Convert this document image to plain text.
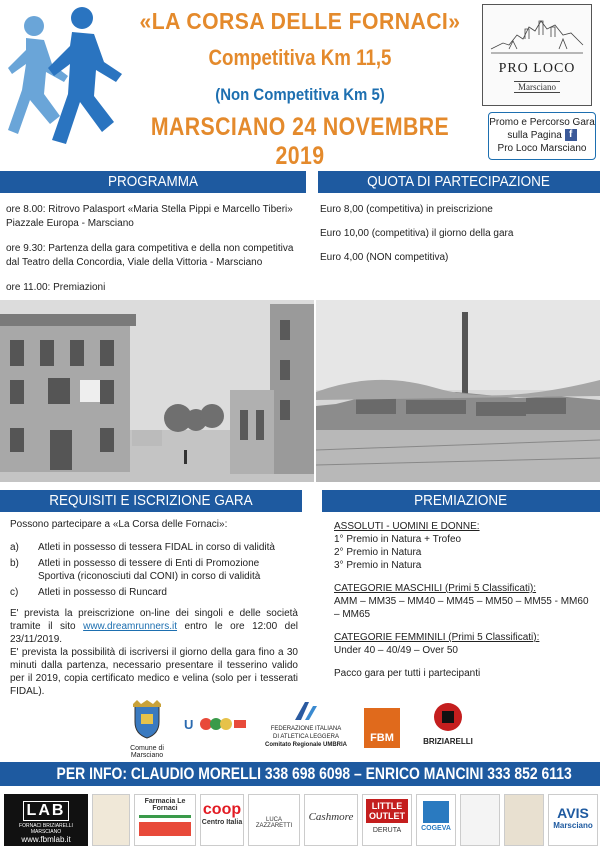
«LA CORSA DELLE FORNACI»
Competitiva Km 11,5
(Non Competitiva Km 5)
MARSCIANO 24 NOVEMBRE 2019
PRO LOCO
Marsciano
Promo e Percorso Gara
sulla Pagina f
Pro Loco Marsciano
PROGRAMMA	QUOTA DI PARTECIPAZIONE

ore 8.00: Ritrovo Palasport «Maria Stella Pippi e Marcello Tiberi» Piazzale Europa - Marsciano

ore 9.30: Partenza della gara competitiva e della non competitiva dal Teatro della Concordia, Viale della Vittoria - Marsciano

ore 11.00: Premiazioni

Euro 8,00 (competitiva) in preiscrizione

Euro 10,00 (competitiva) il giorno della gara

Euro 4,00 (NON competitiva)

REQUISITI E ISCRIZIONE GARA	PREMIAZIONE
Possono partecipare a «La Corsa delle Fornaci»:
a)	Atleti in possesso di tessera FIDAL in corso di validità
b)	Atleti in possesso di tessere di Enti di Promozione Sportiva (riconosciuti dal CONI) in corso di validità
c)	Atleti in possesso di Runcard

E' prevista la preiscrizione on-line dei singoli e delle società tramite il sito www.dreamrunners.it entro le ore 12:00 del 23/11/2019.

E' prevista la possibilità di iscriversi il giorno della gara fino a 30 minuti dalla partenza, necessario presentare il tesserino valido per il 2019, copia certificato medico e velina (solo per i tesserati FIDAL).

ASSOLUTI - UOMINI E DONNE:
1° Premio in Natura + Trofeo
2° Premio in Natura
3° Premio in Natura
CATEGORIE MASCHILI (Primi 5 Classificati):
AMM – MM35 – MM40 – MM45 – MM50 – MM55 - MM60 – MM65
CATEGORIE FEMMINILI (Primi 5 Classificati):
Under 40 – 40/49 – Over 50
Pacco gara per tutti i partecipanti
Comune di Marsciano
U	FEDERAZIONE ITALIANA
DI ATLETICA LEGGERA
Comitato Regionale UMBRIA
FBM	BRIZIARELLI
PER INFO: CLAUDIO MORELLI 338 698 6098 – ENRICO MANCINI 333 852 6113
LAB
FORNACI BRIZIARELLI MARSCIANO
www.fbmlab.it
Farmacia Le Fornaci	coop
Centro Italia	LUCA ZAZZARETTI
Cashmore
LITTLE OUTLET
DERUTA	COGEVA
AVIS
Marsciano
